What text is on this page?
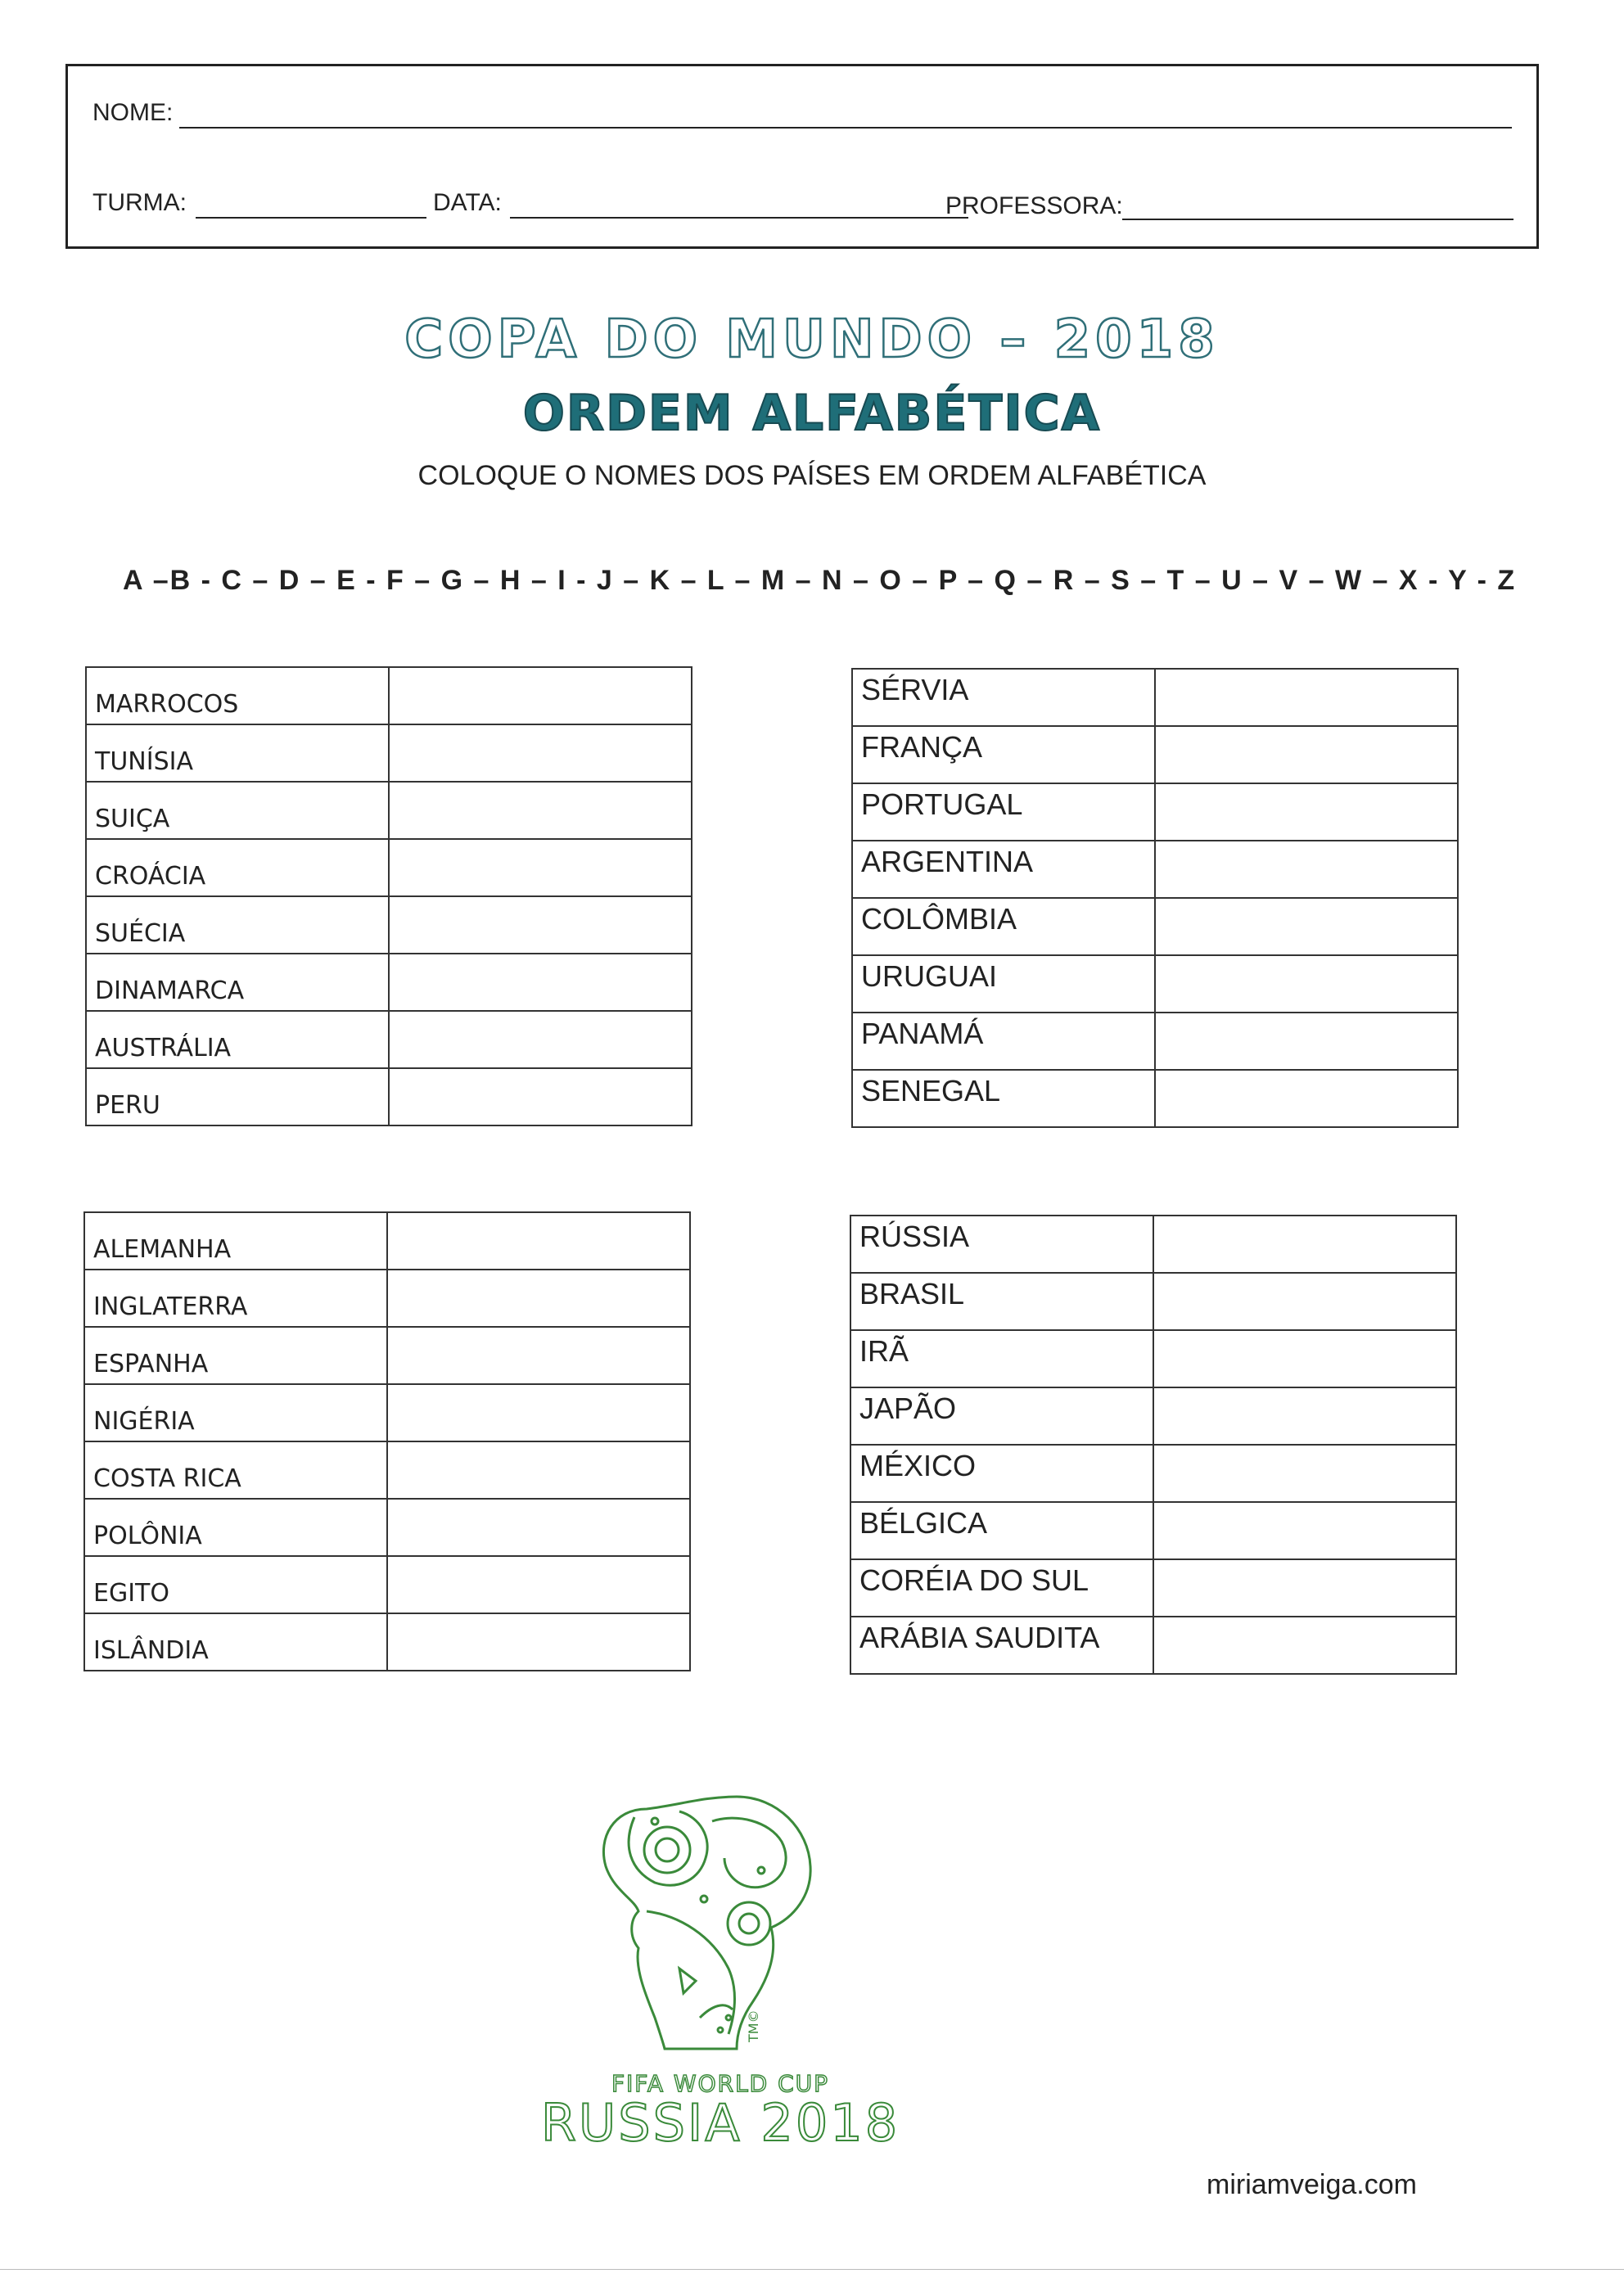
NOME:
TURMA:	DATA:	PROFESSORA:
COPA DO MUNDO – 2018
ORDEM ALFABÉTICA
COLOQUE O NOMES DOS PAÍSES EM ORDEM ALFABÉTICA
A –B - C – D – E - F – G – H – I - J – K – L – M – N – O – P – Q – R – S – T – U – V – W – X - Y - Z
MARROCOS	
TUNÍSIA	
SUIÇA	
CROÁCIA	
SUÉCIA	
DINAMARCA	
AUSTRÁLIA	
PERU	
SÉRVIA	
FRANÇA	
PORTUGAL	
ARGENTINA	
COLÔMBIA	
URUGUAI	
PANAMÁ	
SENEGAL	
ALEMANHA	
INGLATERRA	
ESPANHA	
NIGÉRIA	
COSTA RICA	
POLÔNIA	
EGITO	
ISLÂNDIA	
RÚSSIA	
BRASIL	
IRÃ	
JAPÃO	
MÉXICO	
BÉLGICA	
CORÉIA DO SUL	
ARÁBIA SAUDITA	
TM©
FIFA WORLD CUP
RUSSIA 2018
miriamveiga.com
